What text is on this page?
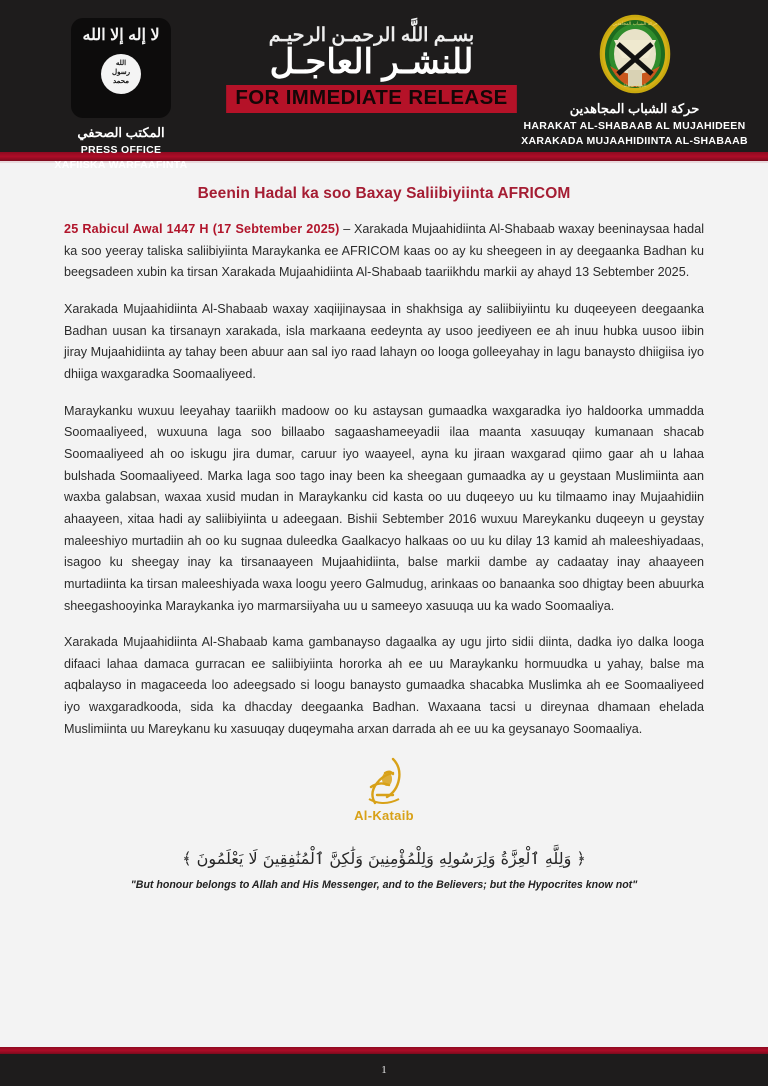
لا إله إلا الله
الله
رسول
محمد
المكتب الصحفي
PRESS OFFICE
XAFIISKA WARFAAFINTA
بسـم اللَّه الرحمـن الرحيـم
للنشـر العاجـل
FOR IMMEDIATE RELEASE
حركة الشباب المجاهدين
الجهاد سبيلنا
حركة الشباب المجاهدين
HARAKAT AL-SHABAAB AL MUJAHIDEEN
XARAKADA MUJAAHIDIINTA AL-SHABAAB
Beenin Hadal ka soo Baxay Saliibiyiinta AFRICOM

25 Rabicul Awal 1447 H (17 Sebtember 2025) – Xarakada Mujaahidiinta Al-Shabaab waxay beeninaysaa hadal ka soo yeeray taliska saliibiyiinta Maraykanka ee AFRICOM kaas oo ay ku sheegeen in ay deegaanka Badhan ku beegsadeen xubin ka tirsan Xarakada Mujaahidiinta Al-Shabaab taariikhdu markii ay ahayd 13 Sebtember 2025.

Xarakada Mujaahidiinta Al-Shabaab waxay xaqiijinaysaa in shakhsiga ay saliibiiyiintu ku duqeeyeen deegaanka Badhan uusan ka tirsanayn xarakada, isla markaana eedeynta ay usoo jeediyeen ee ah inuu hubka uusoo iibin jiray Mujaahidiinta ay tahay been abuur aan sal iyo raad lahayn oo looga golleeyahay in lagu banaysto dhiigiisa iyo dhiiga waxgaradka Soomaaliyeed.

Maraykanku wuxuu leeyahay taariikh madoow oo ku astaysan gumaadka waxgaradka iyo haldoorka ummadda Soomaaliyeed, wuxuuna laga soo billaabo sagaashameeyadii ilaa maanta xasuuqay kumanaan shacab Soomaaliyeed ah oo iskugu jira dumar, caruur iyo waayeel, ayna ku jiraan waxgarad qiimo gaar ah u lahaa bulshada Soomaaliyeed. Marka laga soo tago inay been ka sheegaan gumaadka ay u geystaan Muslimiinta aan waxba galabsan, waxaa xusid mudan in Maraykanku cid kasta oo uu duqeeyo uu ku tilmaamo inay Mujaahidiin ahaayeen, xitaa hadi ay saliibiyiinta u adeegaan. Bishii Sebtember 2016 wuxuu Mareykanku duqeeyn u geystay maleeshiyo murtadiin ah oo ku sugnaa duleedka Gaalkacyo halkaas oo uu ku dilay 13 kamid ah maleeshiyadaas, isagoo ku sheegay inay ka tirsanaayeen Mujaahidiinta, balse markii dambe ay cadaatay inay ahaayeen murtadiinta ka tirsan maleeshiyada waxa loogu yeero Galmudug, arinkaas oo banaanka soo dhigtay been abuurka sheegashooyinka Maraykanka iyo marmarsiiyaha uu u sameeyo xasuuqa uu ka wado Soomaaliya.

Xarakada Mujaahidiinta Al-Shabaab kama gambanayso dagaalka ay ugu jirto sidii diinta, dadka iyo dalka looga difaaci lahaa damaca gurracan ee saliibiyiinta hororka ah ee uu Maraykanku hormuudka u yahay, balse ma aqbalayso in magaceeda loo adeegsado si loogu banaysto gumaadka shacabka Muslimka ah ee Soomaaliyeed iyo waxgaradkooda, sida ka dhacday deegaanka Badhan. Waxaana tacsi u direynaa dhamaan ehelada Muslimiinta uu Mareykanu ku xasuuqay duqeymaha arxan darrada ah ee uu ka geysanayo Soomaaliya.

Al-Kataib
﴿ وَلِلَّهِ ٱلْعِزَّةُ وَلِرَسُولِهِ وَلِلْمُؤْمِنِينَ وَلَٰكِنَّ ٱلْمُنَٰفِقِينَ لَا يَعْلَمُونَ ﴾
"But honour belongs to Allah and His Messenger, and to the Believers; but the Hypocrites know not"
1
